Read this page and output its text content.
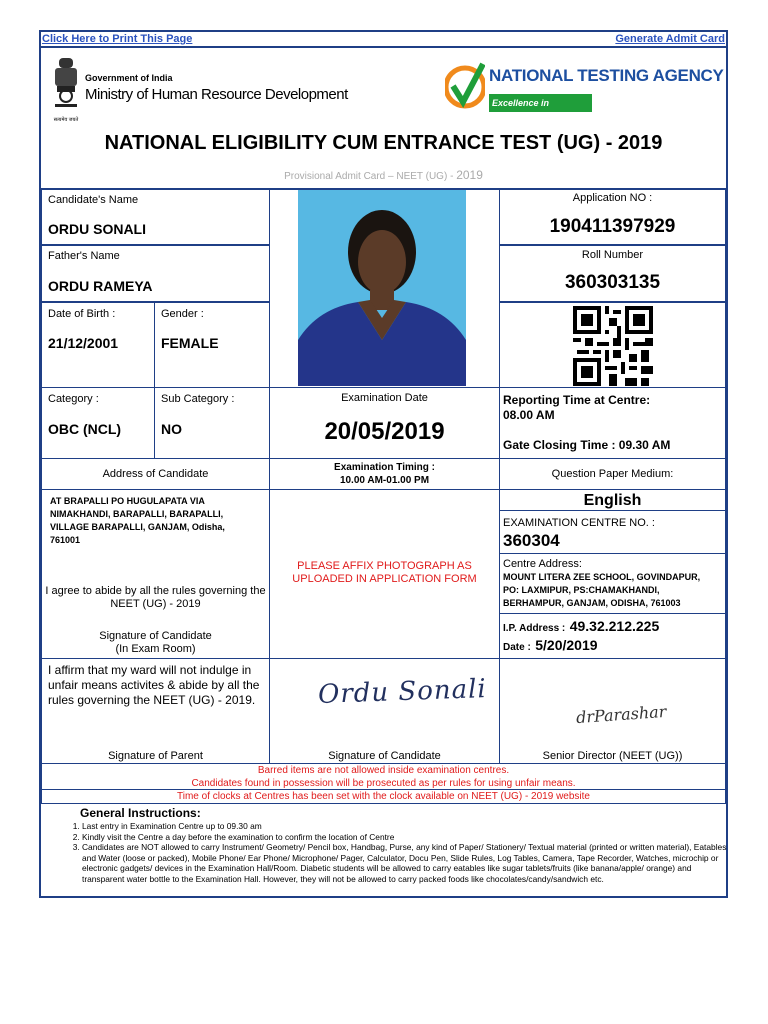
Click Here to Print This Page	Generate Admit Card
सत्यमेव जयते
Government of India
Ministry of Human Resource Development
NATIONAL TESTING AGENCY
Excellence in Assessment
NATIONAL ELIGIBILITY CUM ENTRANCE TEST (UG) - 2019
Provisional Admit Card – NEET (UG) - 2019
Candidate's Name
ORDU SONALI
Father's Name
ORDU RAMEYA
Date of Birth :
21/12/2001
Gender :
FEMALE
Application NO :
190411397929
Roll Number
360303135
Category :
OBC (NCL)
Sub Category :
NO
Examination Date
20/05/2019
Reporting Time at Centre:
08.00 AM
Gate Closing Time : 09.30 AM
Address of Candidate
Examination Timing :
10.00 AM-01.00 PM
Question Paper Medium:
AT BRAPALLI PO HUGULAPATA VIA NIMAKHANDI, BARAPALLI, BARAPALLI, VILLAGE BARAPALLI, GANJAM, Odisha, 761001
I agree to abide by all the rules governing the NEET (UG) - 2019
Signature of Candidate
(In Exam Room)
PLEASE AFFIX PHOTOGRAPH AS UPLOADED IN APPLICATION FORM
English
EXAMINATION CENTRE NO. :
360304
Centre Address:
MOUNT LITERA ZEE SCHOOL, GOVINDAPUR, PO: LAXMIPUR, PS:CHAMAKHANDI, BERHAMPUR, GANJAM, ODISHA, 761003
I.P. Address : 49.32.212.225
Date : 5/20/2019
I affirm that my ward will not indulge in unfair means activites & abide by all the rules governing the NEET (UG) - 2019.
Signature of Parent
Ordu Sonali
Signature of Candidate
drParashar
Senior Director (NEET (UG))
Barred items are not allowed inside examination centres.
Candidates found in possession will be prosecuted as per rules for using unfair means.
Time of clocks at Centres has been set with the clock available on NEET (UG) - 2019 website
General Instructions:
1. Last entry in Examination Centre up to 09.30 am
2. Kindly visit the Centre a day before the examination to confirm the location of Centre
3. Candidates are NOT allowed to carry Instrument/ Geometry/ Pencil box, Handbag, Purse, any kind of Paper/ Stationery/ Textual material (printed or written material), Eatables and Water (loose or packed), Mobile Phone/ Ear Phone/ Microphone/ Pager, Calculator, Docu Pen, Slide Rules, Log Tables, Camera, Tape Recorder, Watches, microchip or electronic gadgets/ devices in the Examination Hall/Room. Diabetic students will be allowed to carry eatables like sugar tablets/fruits (like banana/apple/ orange) and transparent water bottle to the Examination Hall. However, they will not be allowed to carry packed foods like chocolates/candy/sandwich etc.
